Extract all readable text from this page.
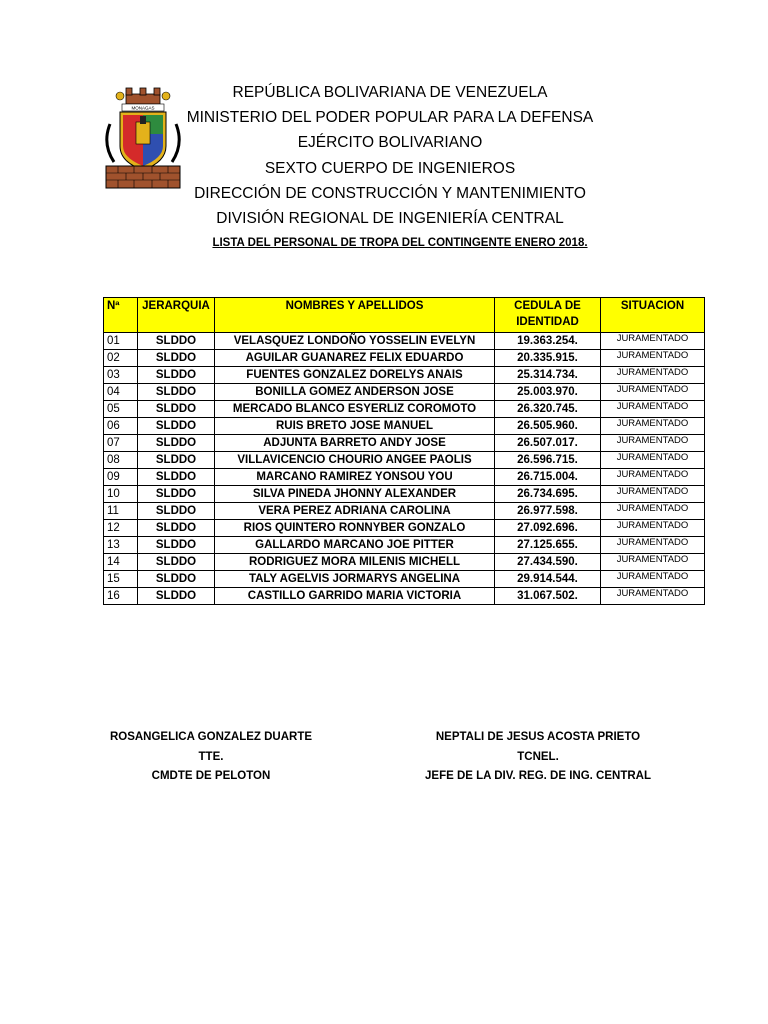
MONAGAS
REPÚBLICA BOLIVARIANA DE VENEZUELA
MINISTERIO DEL PODER POPULAR PARA LA DEFENSA
EJÉRCITO BOLIVARIANO
SEXTO CUERPO DE INGENIEROS
DIRECCIÓN DE CONSTRUCCIÓN Y MANTENIMIENTO
DIVISIÓN REGIONAL DE INGENIERÍA CENTRAL
LISTA DEL PERSONAL DE TROPA DEL CONTINGENTE ENERO 2018.
Nª	JERARQUIA	NOMBRES Y APELLIDOS	CEDULA DE IDENTIDAD	SITUACION
01	SLDDO	VELASQUEZ LONDOÑO YOSSELIN EVELYN	19.363.254.	JURAMENTADO
02	SLDDO	AGUILAR GUANAREZ FELIX EDUARDO	20.335.915.	JURAMENTADO
03	SLDDO	FUENTES GONZALEZ DORELYS ANAIS	25.314.734.	JURAMENTADO
04	SLDDO	BONILLA GOMEZ ANDERSON JOSE	25.003.970.	JURAMENTADO
05	SLDDO	MERCADO BLANCO ESYERLIZ COROMOTO	26.320.745.	JURAMENTADO
06	SLDDO	RUIS BRETO JOSE MANUEL	26.505.960.	JURAMENTADO
07	SLDDO	ADJUNTA BARRETO ANDY JOSE	26.507.017.	JURAMENTADO
08	SLDDO	VILLAVICENCIO CHOURIO ANGEE PAOLIS	26.596.715.	JURAMENTADO
09	SLDDO	MARCANO RAMIREZ YONSOU YOU	26.715.004.	JURAMENTADO
10	SLDDO	SILVA PINEDA JHONNY ALEXANDER	26.734.695.	JURAMENTADO
11	SLDDO	VERA PEREZ ADRIANA CAROLINA	26.977.598.	JURAMENTADO
12	SLDDO	RIOS QUINTERO RONNYBER GONZALO	27.092.696.	JURAMENTADO
13	SLDDO	GALLARDO MARCANO JOE PITTER	27.125.655.	JURAMENTADO
14	SLDDO	RODRIGUEZ MORA MILENIS MICHELL	27.434.590.	JURAMENTADO
15	SLDDO	TALY AGELVIS JORMARYS ANGELINA	29.914.544.	JURAMENTADO
16	SLDDO	CASTILLO GARRIDO MARIA VICTORIA	31.067.502.	JURAMENTADO
ROSANGELICA GONZALEZ DUARTE
TTE.
CMDTE DE PELOTON
NEPTALI DE JESUS ACOSTA PRIETO
TCNEL.
JEFE DE LA DIV. REG. DE ING. CENTRAL
